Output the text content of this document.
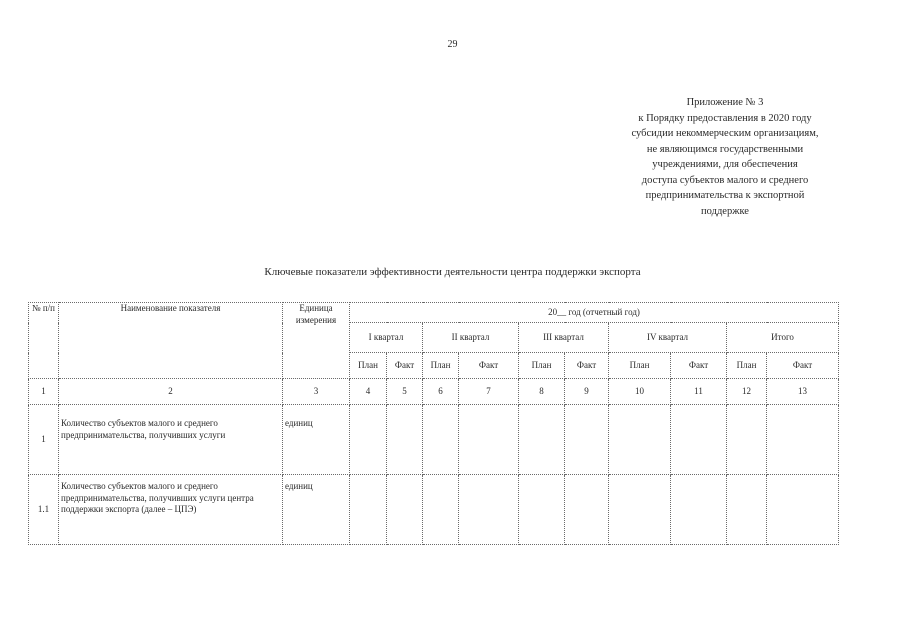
29
Приложение № 3
к Порядку предоставления в 2020 году
субсидии некоммерческим организациям,
не являющимся государственными
учреждениями, для обеспечения
доступа субъектов малого и среднего
предпринимательства к экспортной
поддержке
Ключевые показатели эффективности деятельности центра поддержки экспорта
№ п/п	Наименование показателя	Единица измерения	20__ год (отчетный год)									
			I квартал		II квартал		III квартал		IV квартал		Итого	
			План	Факт	План	Факт	План	Факт	План	Факт	План	Факт
1	2	3	4	5	6	7	8	9	10	11	12	13
1	Количество субъектов малого и среднего предпринимательства, получивших услуги	единиц										
1.1	Количество субъектов малого и среднего предпринимательства, получивших услуги центра поддержки экспорта (далее – ЦПЭ)	единиц										
